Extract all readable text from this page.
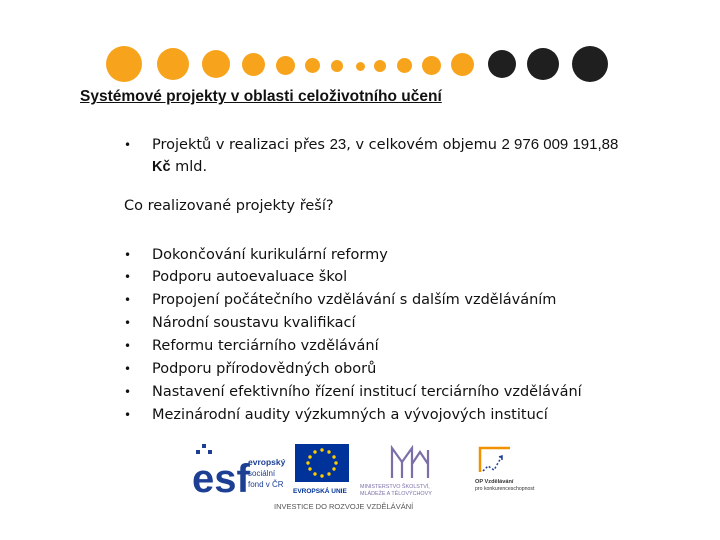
Systémové projekty v oblasti celoživotního učení
•	Projektů v realizaci přes 23, v celkovém objemu 2 976 009 191,88
Kč mld.
Co realizované projekty řeší?
•	Dokončování kurikulární reformy
•	Podporu autoevaluace škol
•	Propojení počátečního vzdělávání s dalším vzděláváním
•	Národní soustavu kvalifikací
•	Reformu terciárního vzdělávání
•	Podporu přírodovědných oborů
•	Nastavení efektivního řízení institucí terciárního vzdělávání
•	Mezinárodní audity výzkumných a vývojových institucí
esf
evropský
sociální
fond v ČR
EVROPSKÁ UNIE
MINISTERSTVO ŠKOLSTVÍ,
MLÁDEŽE A TĚLOVÝCHOVY
OP Vzdělávání
pro konkurenceschopnost
INVESTICE DO ROZVOJE VZDĚLÁVÁNÍ
